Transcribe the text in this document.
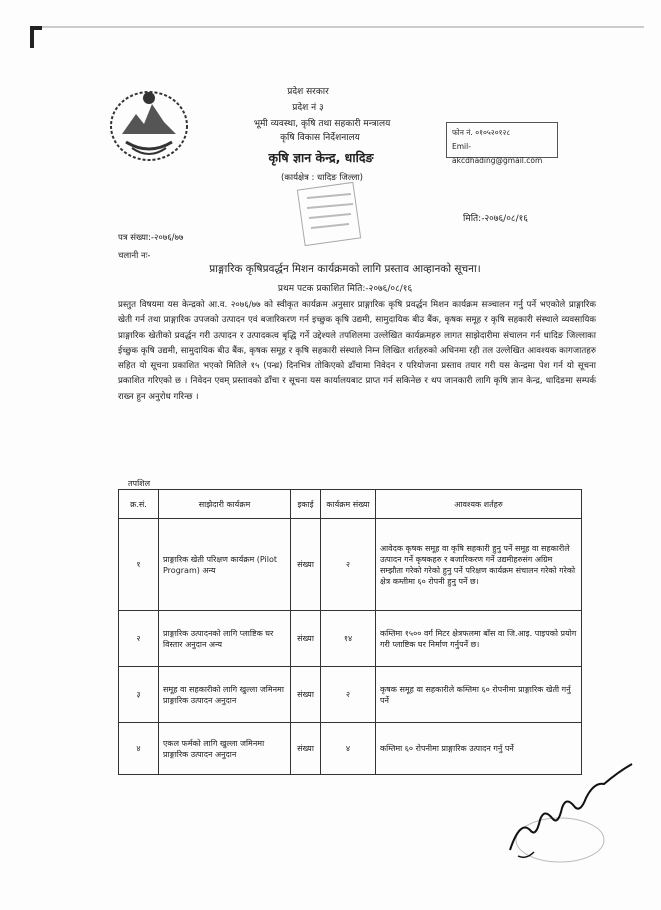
प्रदेश सरकार
प्रदेश नं ३
भूमी व्यवस्था, कृषि तथा सहकारी मन्त्रालय
कृषि विकास निर्देशनालय
कृषि ज्ञान केन्द्र, धादिङ
(कार्यक्षेत्र : धादिङ जिल्ला)
फोन नं. ०१०५२०१२८
Emil-akcdhading@gmail.com
मिति:-२०७६/०८/१६
पत्र संख्या:-२०७६/७७
चलानी नः-
प्राङ्गारिक कृषिप्रवर्द्धन मिशन कार्यक्रमको लागि प्रस्ताव आव्हानको सूचना।
प्रथम पटक प्रकाशित मिति:-२०७६/०८/१६
प्रस्तुत विषयमा यस केन्द्रको आ.व. २०७६/७७ को स्वीकृत कार्यक्रम अनुसार प्राङ्गारिक कृषि प्रवर्द्धन मिशन कार्यक्रम सञ्चालन गर्नु पर्ने भएकोले प्राङ्गारिक खेती गर्न तथा प्राङ्गारिक उपजको उत्पादन एवं बजारिकरण गर्न इच्छुक कृषि उद्यमी, सामुदायिक बीउ बैंक, कृषक समूह र कृषि सहकारी संस्थाले व्यवसायिक प्राङ्गारिक खेतीको प्रवर्द्धन गरी उत्पादन र उत्पादकत्व बृद्धि गर्ने उद्देश्यले तपशिलमा उल्लेखित कार्यक्रमहरु लागत साझेदारीमा संचालन गर्न धादिङ जिल्लाका ईच्छुक कृषि उद्यमी, सामुदायिक बीउ बैंक, कृषक समूह र कृषि सहकारी संस्थाले निम्न लिखित शर्तहरुको अधिनमा रही तल उल्लेखित आवश्यक कागजातहरु सहित यो सूचना प्रकाशित भएको मितिले १५ (पन्ध्र) दिनभित्र तोकिएको ढाँचामा निवेदन र परियोजना प्रस्ताव तयार गरी यस केन्द्रमा पेश गर्न यो सूचना प्रकाशित गरिएको छ । निवेदन एवम् प्रस्तावको ढाँचा र सूचना यस कार्यालयबाट प्राप्त गर्न सकिनेछ र थप जानकारी लागि कृषि ज्ञान केन्द्र, धादिङमा सम्पर्क राख्न हुन अनुरोध गरिन्छ ।
तपशिल
क्र.सं.	साझेदारी कार्यक्रम	इकाई	कार्यक्रम संख्या	आवश्यक शर्तहरु
१	प्राङ्गारिक खेती परिक्षण कार्यक्रम (Pilot Program) अन्य	संख्या	२	आवेदक कृषक समूह वा कृषि सहकारी हुनु पर्ने समूह वा सहकारीले उत्पादन गर्ने कृषकहरु र बजारिकरण गर्ने उद्यमीहरुसंग अग्रिम सम्झौता गरेको गरेको हुनु पर्ने परिक्षण कार्यक्रम संचालन गरेको गरेको क्षेत्र कम्तीमा ६० रोपनी हुनु पर्ने छ।
२	प्राङ्गारिक उत्पादनको लागि प्लाष्टिक घर विस्तार अनुदान अन्य	संख्या	१४	कम्तिमा १५०० वर्ग मिटर क्षेत्रफलमा बाँस वा जि.आइ. पाइपको प्रयोग गरी प्लाष्टिक घर निर्माण गर्नुपर्ने छ।
३	समूह वा सहकारीको लागि खुल्ला जमिनमा प्राङ्गारिक उत्पादन अनुदान	संख्या	२	कृषक समूह वा सहकारीले कम्तिमा ६० रोपनीमा प्राङ्गारिक खेती गर्नु पर्ने
४	एकल फर्मको लागि खुल्ला जमिनमा प्राङ्गारिक उत्पादन अनुदान	संख्या	४	कम्तिमा ६० रोपनीमा प्राङ्गारिक उत्पादन गर्नु पर्ने
